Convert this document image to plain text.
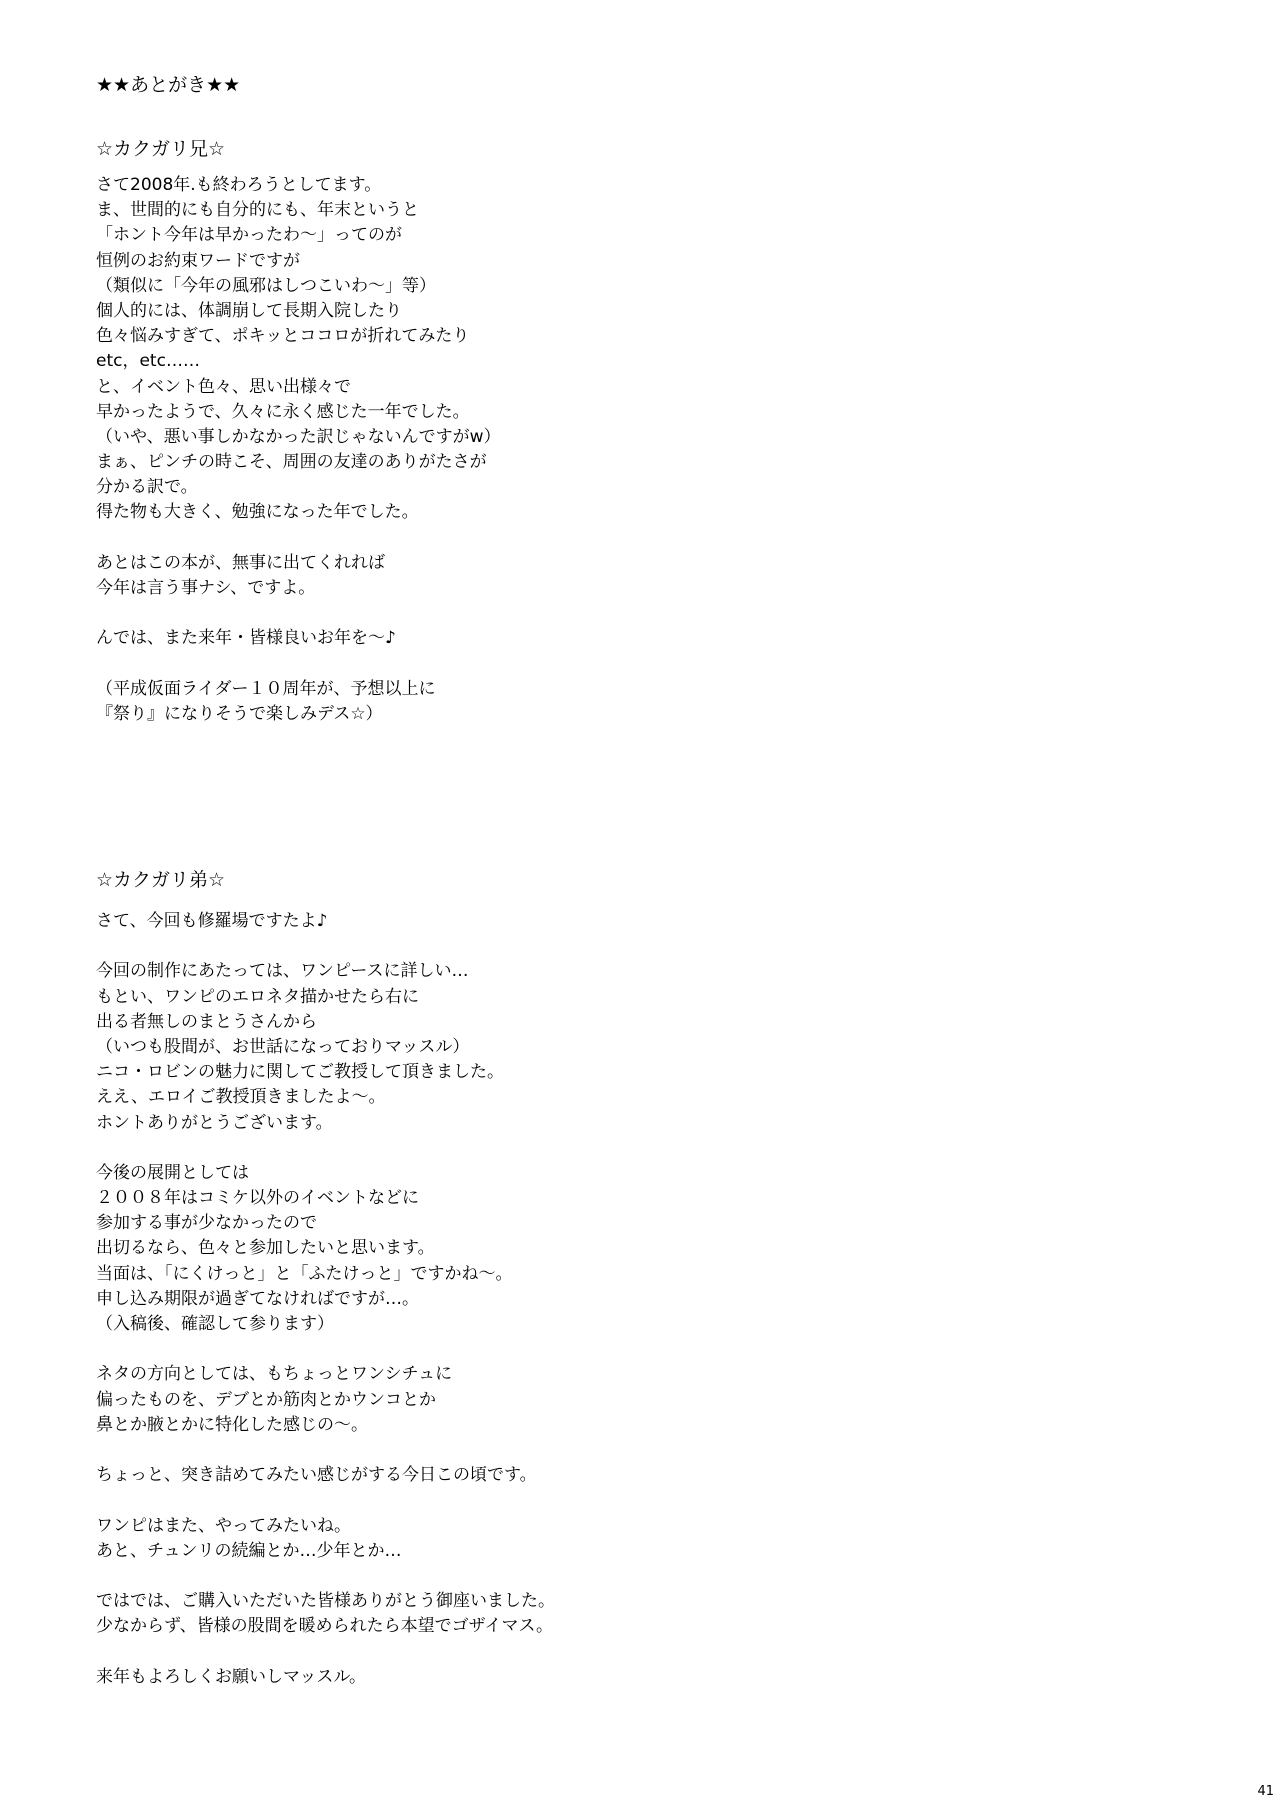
★★あとがき★★
☆カクガリ兄☆
さて2008年.も終わろうとしてます。
ま、世間的にも自分的にも、年末というと
「ホント今年は早かったわ～」ってのが
恒例のお約束ワードですが
（類似に「今年の風邪はしつこいわ～」等）
個人的には、体調崩して長期入院したり
色々悩みすぎて、ポキッとココロが折れてみたり
etc，etc……
と、イベント色々、思い出様々で
早かったようで、久々に永く感じた一年でした。
（いや、悪い事しかなかった訳じゃないんですがw）
まぁ、ピンチの時こそ、周囲の友達のありがたさが
分かる訳で。
得た物も大きく、勉強になった年でした。
あとはこの本が、無事に出てくれれば
今年は言う事ナシ、ですよ。
んでは、また来年・皆様良いお年を～♪
（平成仮面ライダー１０周年が、予想以上に
『祭り』になりそうで楽しみデス☆）
☆カクガリ弟☆
さて、今回も修羅場ですたよ♪
今回の制作にあたっては、ワンピースに詳しい…
もとい、ワンピのエロネタ描かせたら右に
出る者無しのまとうさんから
（いつも股間が、お世話になっておりマッスル）
ニコ・ロビンの魅力に関してご教授して頂きました。
ええ、エロイご教授頂きましたよ～。
ホントありがとうございます。
今後の展開としては
２００８年はコミケ以外のイベントなどに
参加する事が少なかったので
出切るなら、色々と参加したいと思います。
当面は、「にくけっと」と「ふたけっと」ですかね～。
申し込み期限が過ぎてなければですが…。
（入稿後、確認して参ります）
ネタの方向としては、もちょっとワンシチュに
偏ったものを、デブとか筋肉とかウンコとか
鼻とか腋とかに特化した感じの～。
ちょっと、突き詰めてみたい感じがする今日この頃です。
ワンピはまた、やってみたいね。
あと、チュンリの続編とか…少年とか…
ではでは、ご購入いただいた皆様ありがとう御座いました。
少なからず、皆様の股間を暖められたら本望でゴザイマス。
来年もよろしくお願いしマッスル。
41
